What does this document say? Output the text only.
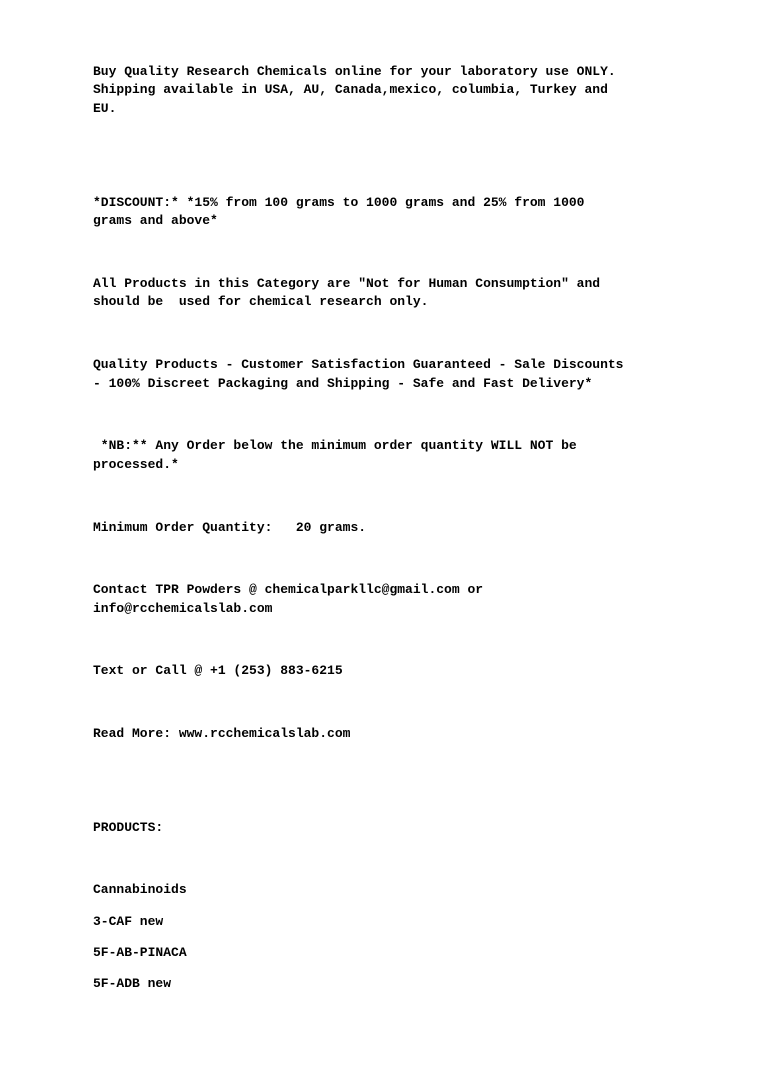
Buy Quality Research Chemicals online for your laboratory use ONLY.

Shipping available in USA, AU, Canada,mexico, columbia, Turkey and

EU.

*DISCOUNT:* *15% from 100 grams to 1000 grams and 25% from 1000

grams and above*

All Products in this Category are "Not for Human Consumption" and

should be  used for chemical research only.

Quality Products - Customer Satisfaction Guaranteed - Sale Discounts

- 100% Discreet Packaging and Shipping - Safe and Fast Delivery*

*NB:** Any Order below the minimum order quantity WILL NOT be

processed.*

Minimum Order Quantity:   20 grams.

Contact TPR Powders @ chemicalparkllc@gmail.com or

info@rcchemicalslab.com

Text or Call @ +1 (253) 883-6215

Read More: www.rcchemicalslab.com

PRODUCTS:

Cannabinoids

3-CAF new

5F-AB-PINACA

5F-ADB new
